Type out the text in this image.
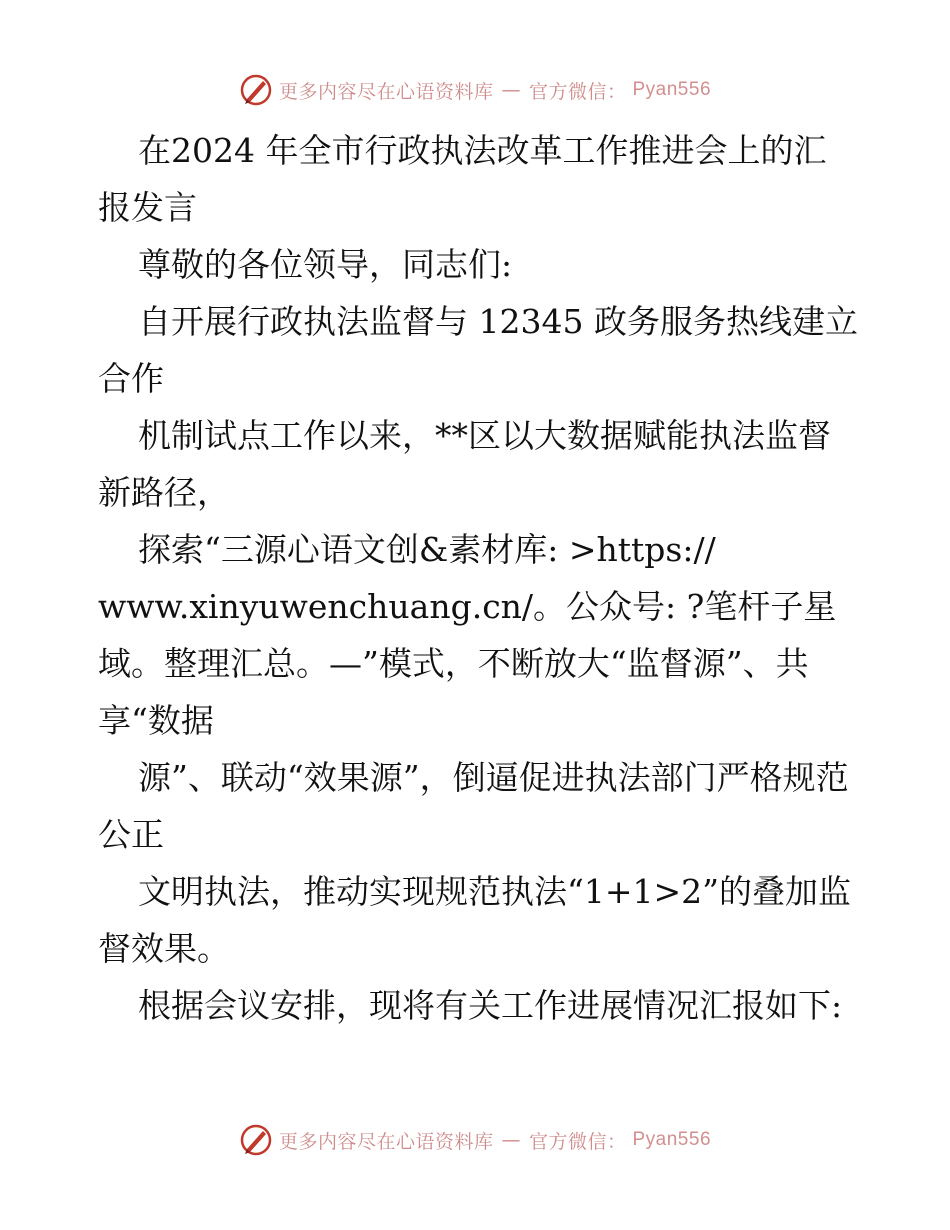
更多内容尽在心语资料库 — 官方微信： Pyan556

在2024 年全市行政执法改革工作推进会上的汇报发言

尊敬的各位领导，同志们:

自开展行政执法监督与 12345 政务服务热线建立合作

机制试点工作以来，**区以大数据赋能执法监督新路径，

探索“三源心语文创&素材库: >https://

www.xinyuwenchuang.cn/。公众号: ?笔杆子星

域。整理汇总。—”模式，不断放大“监督源”、共享“数据

源”、联动“效果源”，倒逼促进执法部门严格规范公正

文明执法，推动实现规范执法“1+1>2”的叠加监督效果。

根据会议安排，现将有关工作进展情况汇报如下:

更多内容尽在心语资料库 — 官方微信： Pyan556
